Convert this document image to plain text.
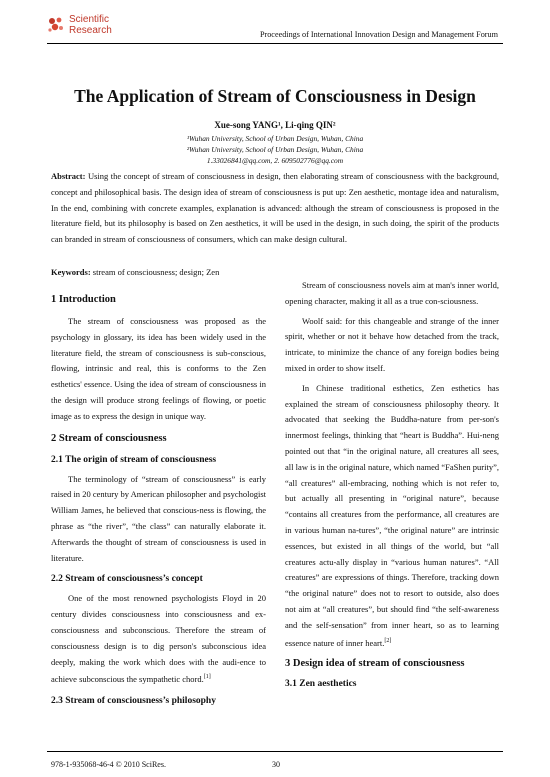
Scientific
Research	Proceedings of International Innovation Design and Management Forum
The Application of Stream of Consciousness in Design
Xue-song YANG¹, Li-qing QIN²
¹Wuhan University, School of Urban Design, Wuhan, China
²Wuhan University, School of Urban Design, Wuhan, China
1.33026841@qq.com, 2. 609502776@qq.com
Abstract: Using the concept of stream of consciousness in design, then elaborating stream of consciousness with the background, concept and philosophical basis. The design idea of stream of consciousness is put up: Zen aesthetic, montage idea and naturalism, In the end, combining with concrete examples, explanation is advanced: although the stream of consciousness is proposed in the literature field, but its philosophy is based on Zen aesthetics, it will be used in the design, in such doing, the spirit of the products can branded in stream of consciousness of consumers, which can make design cultural.
Keywords: stream of consciousness; design; Zen
1 Introduction

The stream of consciousness was proposed as the psychology in glossary, its idea has been widely used in the literature field, the stream of consciousness is sub-conscious, flowing, intrinsic and real, this is conforms to the Zen esthetics' essence. Using the idea of stream of consciousness in the design will produce strong feelings of flowing, or poetic image as to express the design in unique way.

2 Stream of consciousness
2.1 The origin of stream of consciousness

The terminology of “stream of consciousness” is early raised in 20 century by American philosopher and psychologist William James, he believed that conscious-ness is flowing, the phrase as “the river”, “the class” can naturally elaborate it. Afterwards the thought of stream of consciousness is used in literature.

2.2 Stream of consciousness’s concept

One of the most renowned psychologists Floyd in 20 century divides consciousness into consciousness and ex-consciousness and subconscious. Therefore the stream of consciousness design is to dig person's subconscious idea deeply, making the work which does with the audi-ence to achieve subconscious the sympathetic chord.[1]

2.3 Stream of consciousness’s philosophy

Stream of consciousness novels aim at man's inner world, opening character, making it all as a true con-sciousness.

Woolf said: for this changeable and strange of the inner spirit, whether or not it behave how detached from the track, intricate, to minimize the chance of any foreign bodies being mixed in order to show itself.

In Chinese traditional esthetics, Zen esthetics has explained the stream of consciousness philosophy theory. It advocated that seeking the Buddha-nature from per-son's innermost feelings, thinking that “heart is Buddha”. Hui-neng pointed out that “in the original nature, all creatures all sees, all law is in the original nature, which named “FaShen purity”, “all creatures” all-embracing, nothing which is not refer to, but actually all presenting in “original nature”, because “contains all creatures from the performance, all creatures are in various human na-tures”, “the original nature” are intrinsic essences, but existed in all things of the world, but “all creatures actu-ally display in “various human natures”. “All creatures” are expressions of things. Therefore, tracking down “the original nature” does not to resort to outside, also does not aim at “all creatures”, but should find “the self-awareness and the self-sensation” from inner heart, so as to learning essence nature of inner heart.[2]

3 Design idea of stream of consciousness
3.1 Zen aesthetics
978-1-935068-46-4 © 2010 SciRes.	30
